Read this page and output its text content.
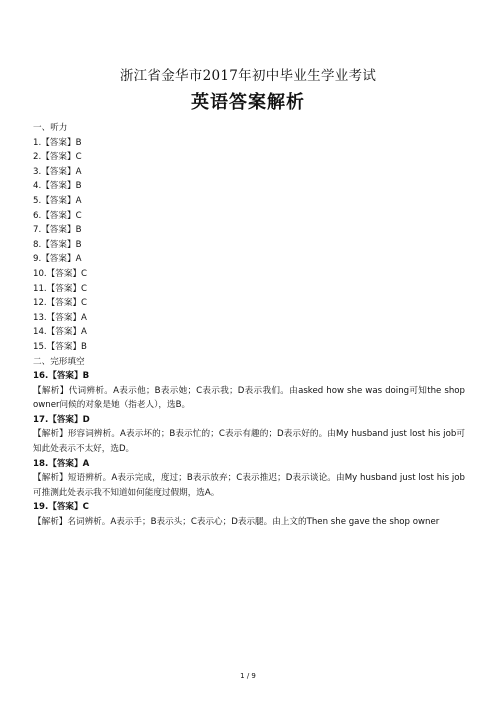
浙江省金华市2017年初中毕业生学业考试
英语答案解析
一、听力
1.【答案】B
2.【答案】C
3.【答案】A
4.【答案】B
5.【答案】A
6.【答案】C
7.【答案】B
8.【答案】B
9.【答案】A
10.【答案】C
11.【答案】C
12.【答案】C
13.【答案】A
14.【答案】A
15.【答案】B
二、完形填空
16.【答案】B

【解析】代词辨析。A表示他；B表示她；C表示我；D表示我们。由asked how she was doing可知the shop owner问候的对象是她（指老人），选B。

17.【答案】D

【解析】形容词辨析。A表示坏的；B表示忙的；C表示有趣的；D表示好的。由My husband just lost his job可知此处表示不太好，选D。

18.【答案】A

【解析】短语辨析。A表示完成，度过；B表示放弃；C表示推迟；D表示谈论。由My husband just lost his job可推测此处表示我不知道如何能度过假期，选A。

19.【答案】C

【解析】名词辨析。A表示手；B表示头；C表示心；D表示腿。由上文的Then she gave the shop owner

1 / 9
